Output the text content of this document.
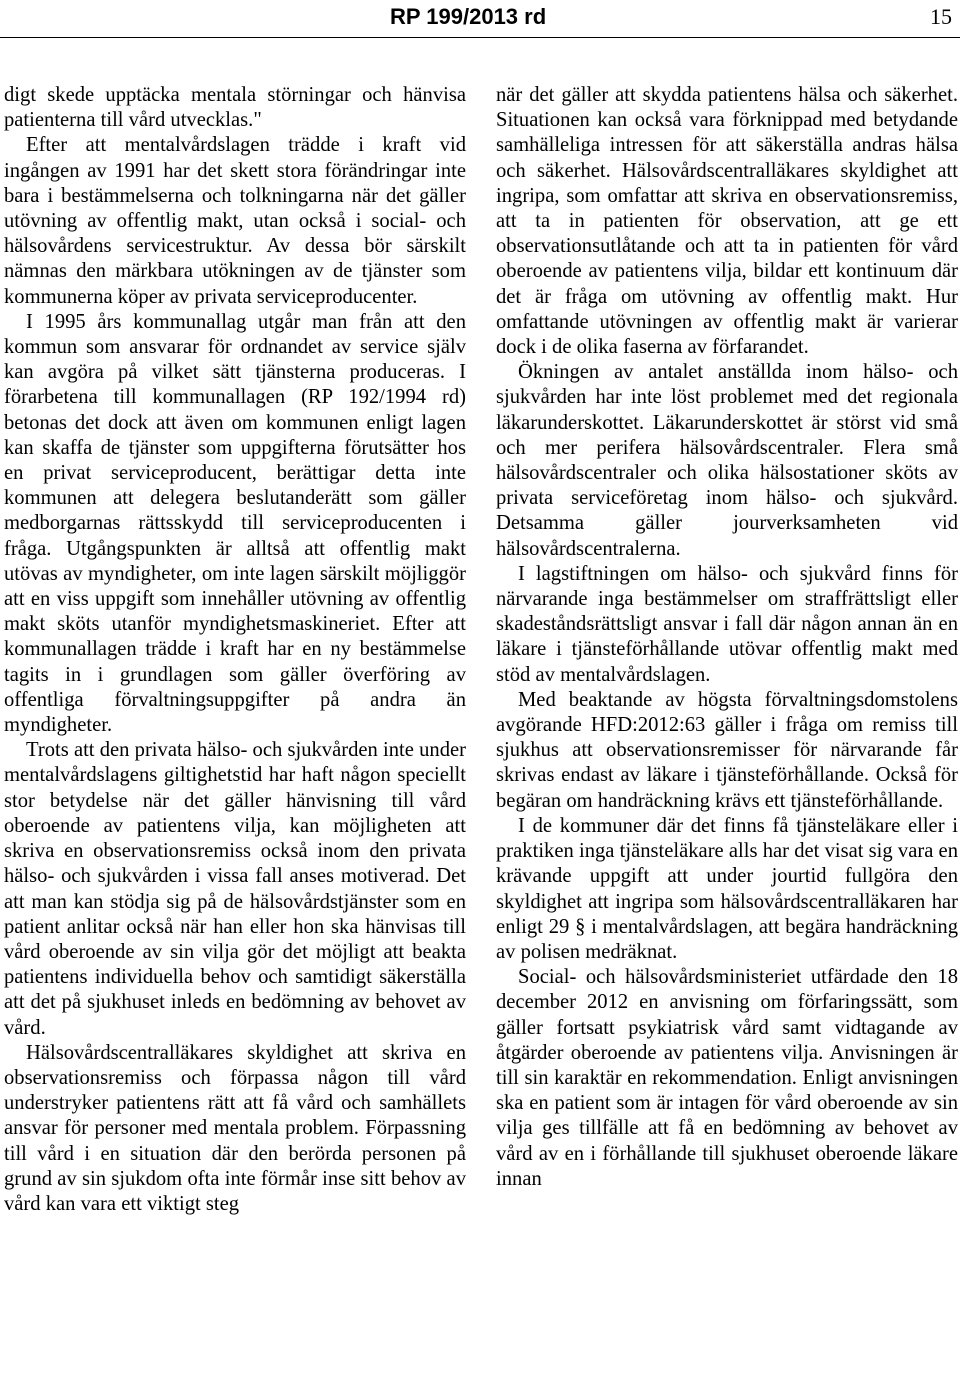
RP 199/2013 rd	15

digt skede upptäcka mentala störningar och hänvisa patienterna till vård utvecklas."

Efter att mentalvårdslagen trädde i kraft vid ingången av 1991 har det skett stora förändringar inte bara i bestämmelserna och tolkningarna när det gäller utövning av offentlig makt, utan också i social- och hälsovårdens servicestruktur. Av dessa bör särskilt nämnas den märkbara utökningen av de tjänster som kommunerna köper av privata serviceproducenter.

I 1995 års kommunallag utgår man från att den kommun som ansvarar för ordnandet av service själv kan avgöra på vilket sätt tjänsterna produceras. I förarbetena till kommunallagen (RP 192/1994 rd) betonas det dock att även om kommunen enligt lagen kan skaffa de tjänster som uppgifterna förutsätter hos en privat serviceproducent, berättigar detta inte kommunen att delegera beslutanderätt som gäller medborgarnas rättsskydd till serviceproducenten i fråga. Utgångspunkten är alltså att offentlig makt utövas av myndigheter, om inte lagen särskilt möjliggör att en viss uppgift som innehåller utövning av offentlig makt sköts utanför myndighetsmaskineriet. Efter att kommunallagen trädde i kraft har en ny bestämmelse tagits in i grundlagen som gäller överföring av offentliga förvaltningsuppgifter på andra än myndigheter.

Trots att den privata hälso- och sjukvården inte under mentalvårdslagens giltighetstid har haft någon speciellt stor betydelse när det gäller hänvisning till vård oberoende av patientens vilja, kan möjligheten att skriva en observationsremiss också inom den privata hälso- och sjukvården i vissa fall anses motiverad. Det att man kan stödja sig på de hälsovårdstjänster som en patient anlitar också när han eller hon ska hänvisas till vård oberoende av sin vilja gör det möjligt att beakta patientens individuella behov och samtidigt säkerställa att det på sjukhuset inleds en bedömning av behovet av vård.

Hälsovårdscentralläkares skyldighet att skriva en observationsremiss och förpassa någon till vård understryker patientens rätt att få vård och samhällets ansvar för personer med mentala problem. Förpassning till vård i en situation där den berörda personen på grund av sin sjukdom ofta inte förmår inse sitt behov av vård kan vara ett viktigt steg

när det gäller att skydda patientens hälsa och säkerhet. Situationen kan också vara förknippad med betydande samhälleliga intressen för att säkerställa andras hälsa och säkerhet. Hälsovårdscentralläkares skyldighet att ingripa, som omfattar att skriva en observationsremiss, att ta in patienten för observation, att ge ett observationsutlåtande och att ta in patienten för vård oberoende av patientens vilja, bildar ett kontinuum där det är fråga om utövning av offentlig makt. Hur omfattande utövningen av offentlig makt är varierar dock i de olika faserna av förfarandet.

Ökningen av antalet anställda inom hälso- och sjukvården har inte löst problemet med det regionala läkarunderskottet. Läkarunderskottet är störst vid små och mer perifera hälsovårdscentraler. Flera små hälsovårdscentraler och olika hälsostationer sköts av privata serviceföretag inom hälso- och sjukvård. Detsamma gäller jourverksamheten vid hälsovårdscentralerna.

I lagstiftningen om hälso- och sjukvård finns för närvarande inga bestämmelser om straffrättsligt eller skadeståndsrättsligt ansvar i fall där någon annan än en läkare i tjänsteförhållande utövar offentlig makt med stöd av mentalvårdslagen.

Med beaktande av högsta förvaltningsdomstolens avgörande HFD:2012:63 gäller i fråga om remiss till sjukhus att observationsremisser för närvarande får skrivas endast av läkare i tjänsteförhållande. Också för begäran om handräckning krävs ett tjänsteförhållande.

I de kommuner där det finns få tjänsteläkare eller i praktiken inga tjänsteläkare alls har det visat sig vara en krävande uppgift att under jourtid fullgöra den skyldighet att ingripa som hälsovårdscentralläkaren har enligt 29 § i mentalvårdslagen, att begära handräckning av polisen medräknat.

Social- och hälsovårdsministeriet utfärdade den 18 december 2012 en anvisning om förfaringssätt, som gäller fortsatt psykiatrisk vård samt vidtagande av åtgärder oberoende av patientens vilja. Anvisningen är till sin karaktär en rekommendation. Enligt anvisningen ska en patient som är intagen för vård oberoende av sin vilja ges tillfälle att få en bedömning av behovet av vård av en i förhållande till sjukhuset oberoende läkare innan
